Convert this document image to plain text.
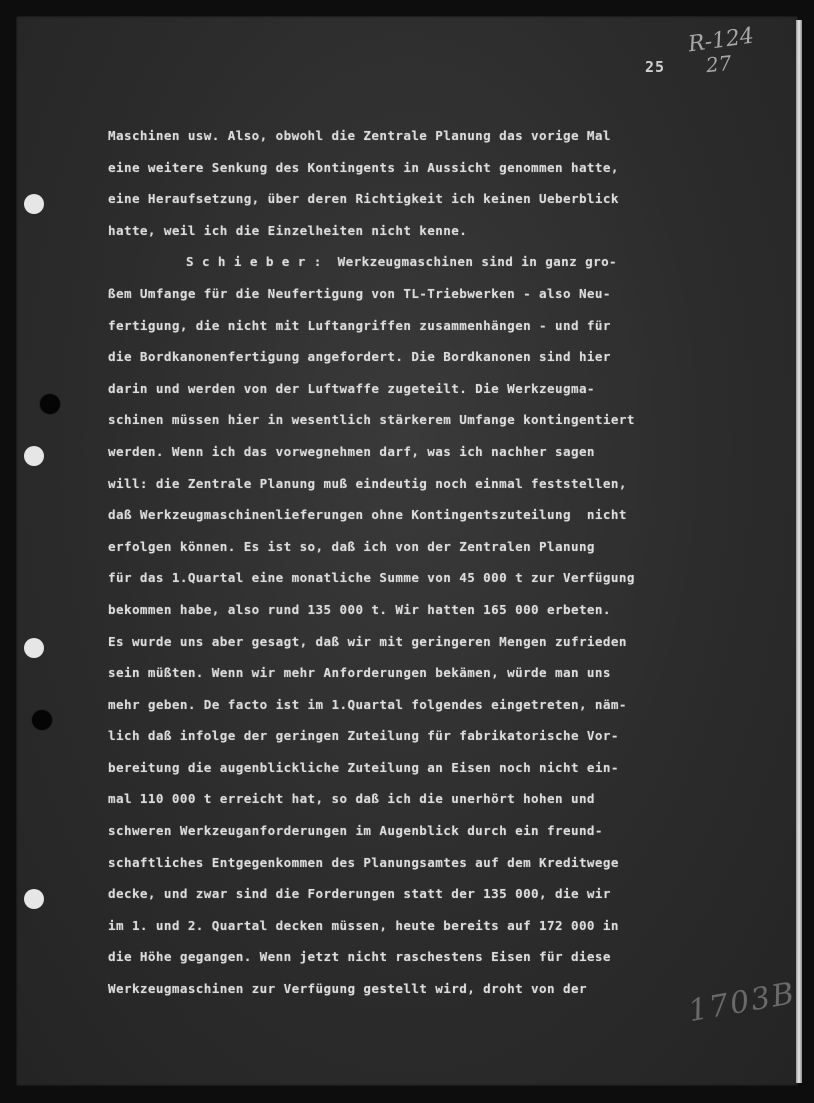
R-124
27
1703B
25
Maschinen usw. Also, obwohl die Zentrale Planung das vorige Mal
eine weitere Senkung des Kontingents in Aussicht genommen hatte,
eine Heraufsetzung, über deren Richtigkeit ich keinen Ueberblick
hatte, weil ich die Einzelheiten nicht kenne.
S c h i e b e r :  Werkzeugmaschinen sind in ganz gro-
ßem Umfange für die Neufertigung von TL-Triebwerken - also Neu-
fertigung, die nicht mit Luftangriffen zusammenhängen - und für
die Bordkanonenfertigung angefordert. Die Bordkanonen sind hier
darin und werden von der Luftwaffe zugeteilt. Die Werkzeugma-
schinen müssen hier in wesentlich stärkerem Umfange kontingentiert
werden. Wenn ich das vorwegnehmen darf, was ich nachher sagen
will: die Zentrale Planung muß eindeutig noch einmal feststellen,
daß Werkzeugmaschinenlieferungen ohne Kontingentszuteilung  nicht
erfolgen können. Es ist so, daß ich von der Zentralen Planung
für das 1.Quartal eine monatliche Summe von 45 000 t zur Verfügung
bekommen habe, also rund 135 000 t. Wir hatten 165 000 erbeten.
Es wurde uns aber gesagt, daß wir mit geringeren Mengen zufrieden
sein müßten. Wenn wir mehr Anforderungen bekämen, würde man uns
mehr geben. De facto ist im 1.Quartal folgendes eingetreten, näm-
lich daß infolge der geringen Zuteilung für fabrikatorische Vor-
bereitung die augenblickliche Zuteilung an Eisen noch nicht ein-
mal 110 000 t erreicht hat, so daß ich die unerhört hohen und
schweren Werkzeuganforderungen im Augenblick durch ein freund-
schaftliches Entgegenkommen des Planungsamtes auf dem Kreditwege
decke, und zwar sind die Forderungen statt der 135 000, die wir
im 1. und 2. Quartal decken müssen, heute bereits auf 172 000 in
die Höhe gegangen. Wenn jetzt nicht raschestens Eisen für diese
Werkzeugmaschinen zur Verfügung gestellt wird, droht von der
